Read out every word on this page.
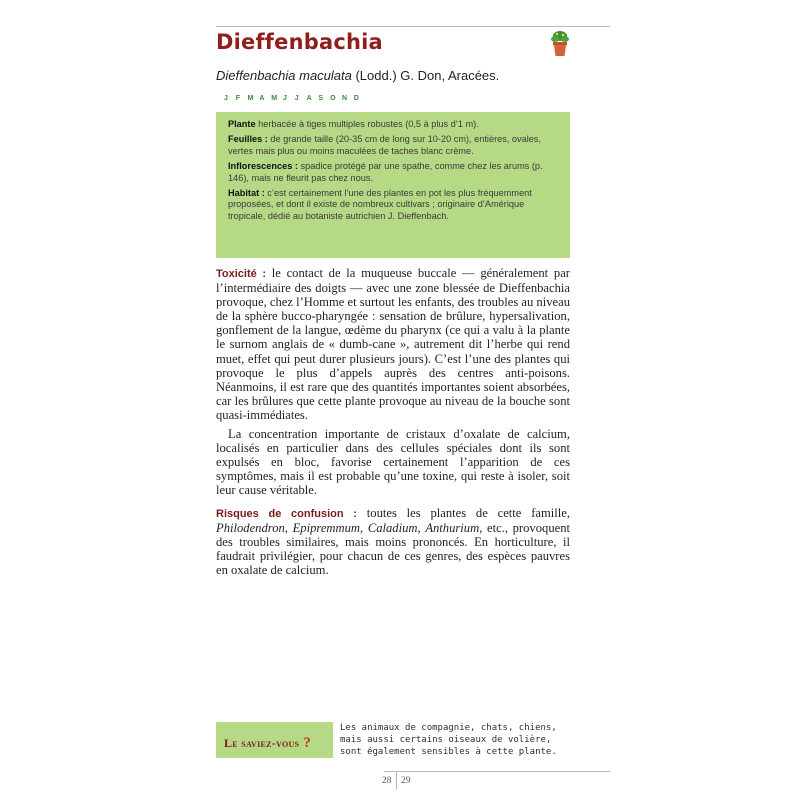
Dieffenbachia
Dieffenbachia maculata (Lodd.) G. Don, Aracées.
J	F	M A M J	J	A S	O N D

Plante herbacée à tiges multiples robustes (0,5 à plus d’1 m).

Feuilles : de grande taille (20-35 cm de long sur 10-20 cm), entières, ovales, vertes mais plus ou moins maculées de taches blanc crème.

Inflorescences : spadice protégé par une spathe, comme chez les arums (p. 146), mais ne fleurit pas chez nous.

Habitat : c’est certainement l’une des plantes en pot les plus fréquemment proposées, et dont il existe de nombreux cultivars ; originaire d’Amérique tropicale, dédié au botaniste autrichien J. Dieffenbach.

Toxicité : le contact de la muqueuse buccale — généralement par l’intermédiaire des doigts — avec une zone blessée de Dieffenbachia provoque, chez l’Homme et surtout les enfants, des troubles au niveau de la sphère bucco-pharyngée : sensation de brûlure, hypersalivation, gonflement de la langue, œdème du pharynx (ce qui a valu à la plante le surnom anglais de « dumb-cane », autrement dit l’herbe qui rend muet, effet qui peut durer plusieurs jours). C’est l’une des plantes qui provoque le plus d’appels auprès des centres anti-poisons. Néanmoins, il est rare que des quantités importantes soient absorbées, car les brûlures que cette plante provoque au niveau de la bouche sont quasi-immédiates.

La concentration importante de cristaux d’oxalate de calcium, localisés en particulier dans des cellules spéciales dont ils sont expulsés en bloc, favorise certainement l’apparition de ces symptômes, mais il est probable qu’une toxine, qui reste à isoler, soit leur cause véritable.

Risques de confusion : toutes les plantes de cette famille, Philodendron, Epipremmum, Caladium, Anthurium, etc., provoquent des troubles similaires, mais moins prononcés. En horticulture, il faudrait privilégier, pour chacun de ces genres, des espèces pauvres en oxalate de calcium.

Le saviez-vous ?
Les animaux de compagnie, chats, chiens, mais aussi certains oiseaux de volière, sont également sensibles à cette plante.
28 29
